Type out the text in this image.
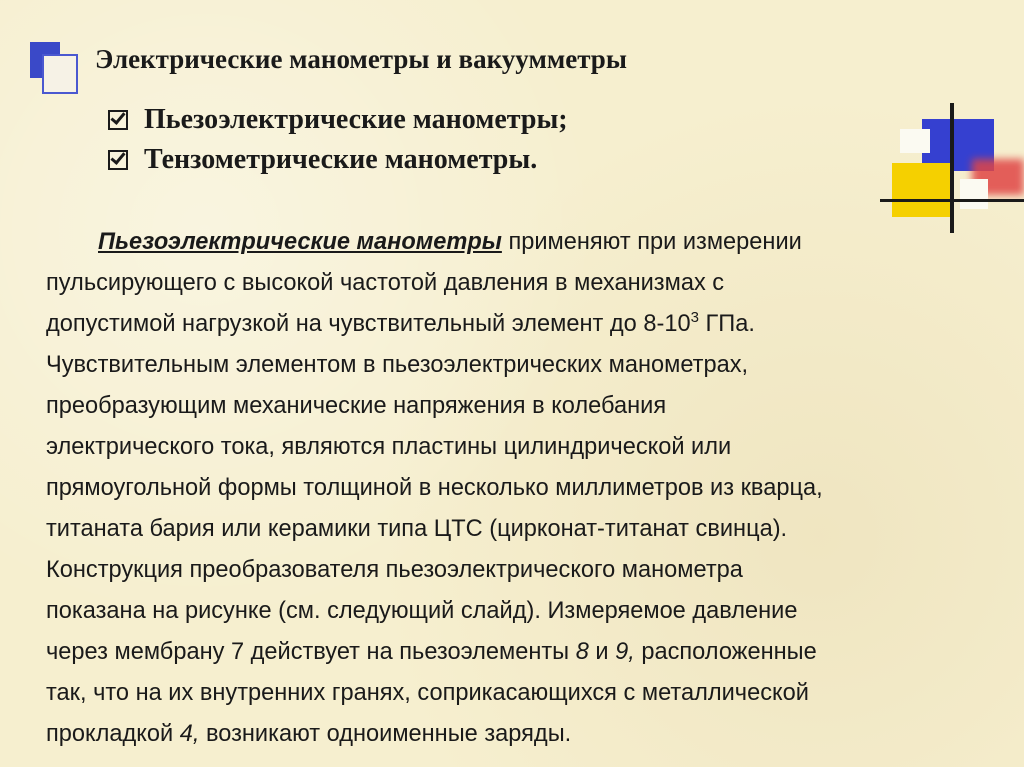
Электрические манометры и вакуумметры
Пьезоэлектрические манометры;
Тензометрические манометры.
Пьезоэлектрические манометры применяют при измерении
пульсирующего с высокой частотой давления в механизмах с
допустимой нагрузкой на чувствительный элемент до $8-10^3$ ГПа.
Чувствительным элементом в пьезоэлектрических манометрах,
преобразующим механические напряжения в колебания
электрического тока, являются пластины цилиндрической или
прямоугольной формы толщиной в несколько миллиметров из кварца,
титаната бария или керамики типа ЦТС (цирконат-титанат свинца).
Конструкция преобразователя пьезоэлектрического манометра
показана на рисунке (см. следующий слайд). Измеряемое давление
через мембрану 7 действует на пьезоэлементы 8 и 9, расположенные
так, что на их внутренних гранях, соприкасающихся с металлической
прокладкой 4, возникают одноименные заряды.
